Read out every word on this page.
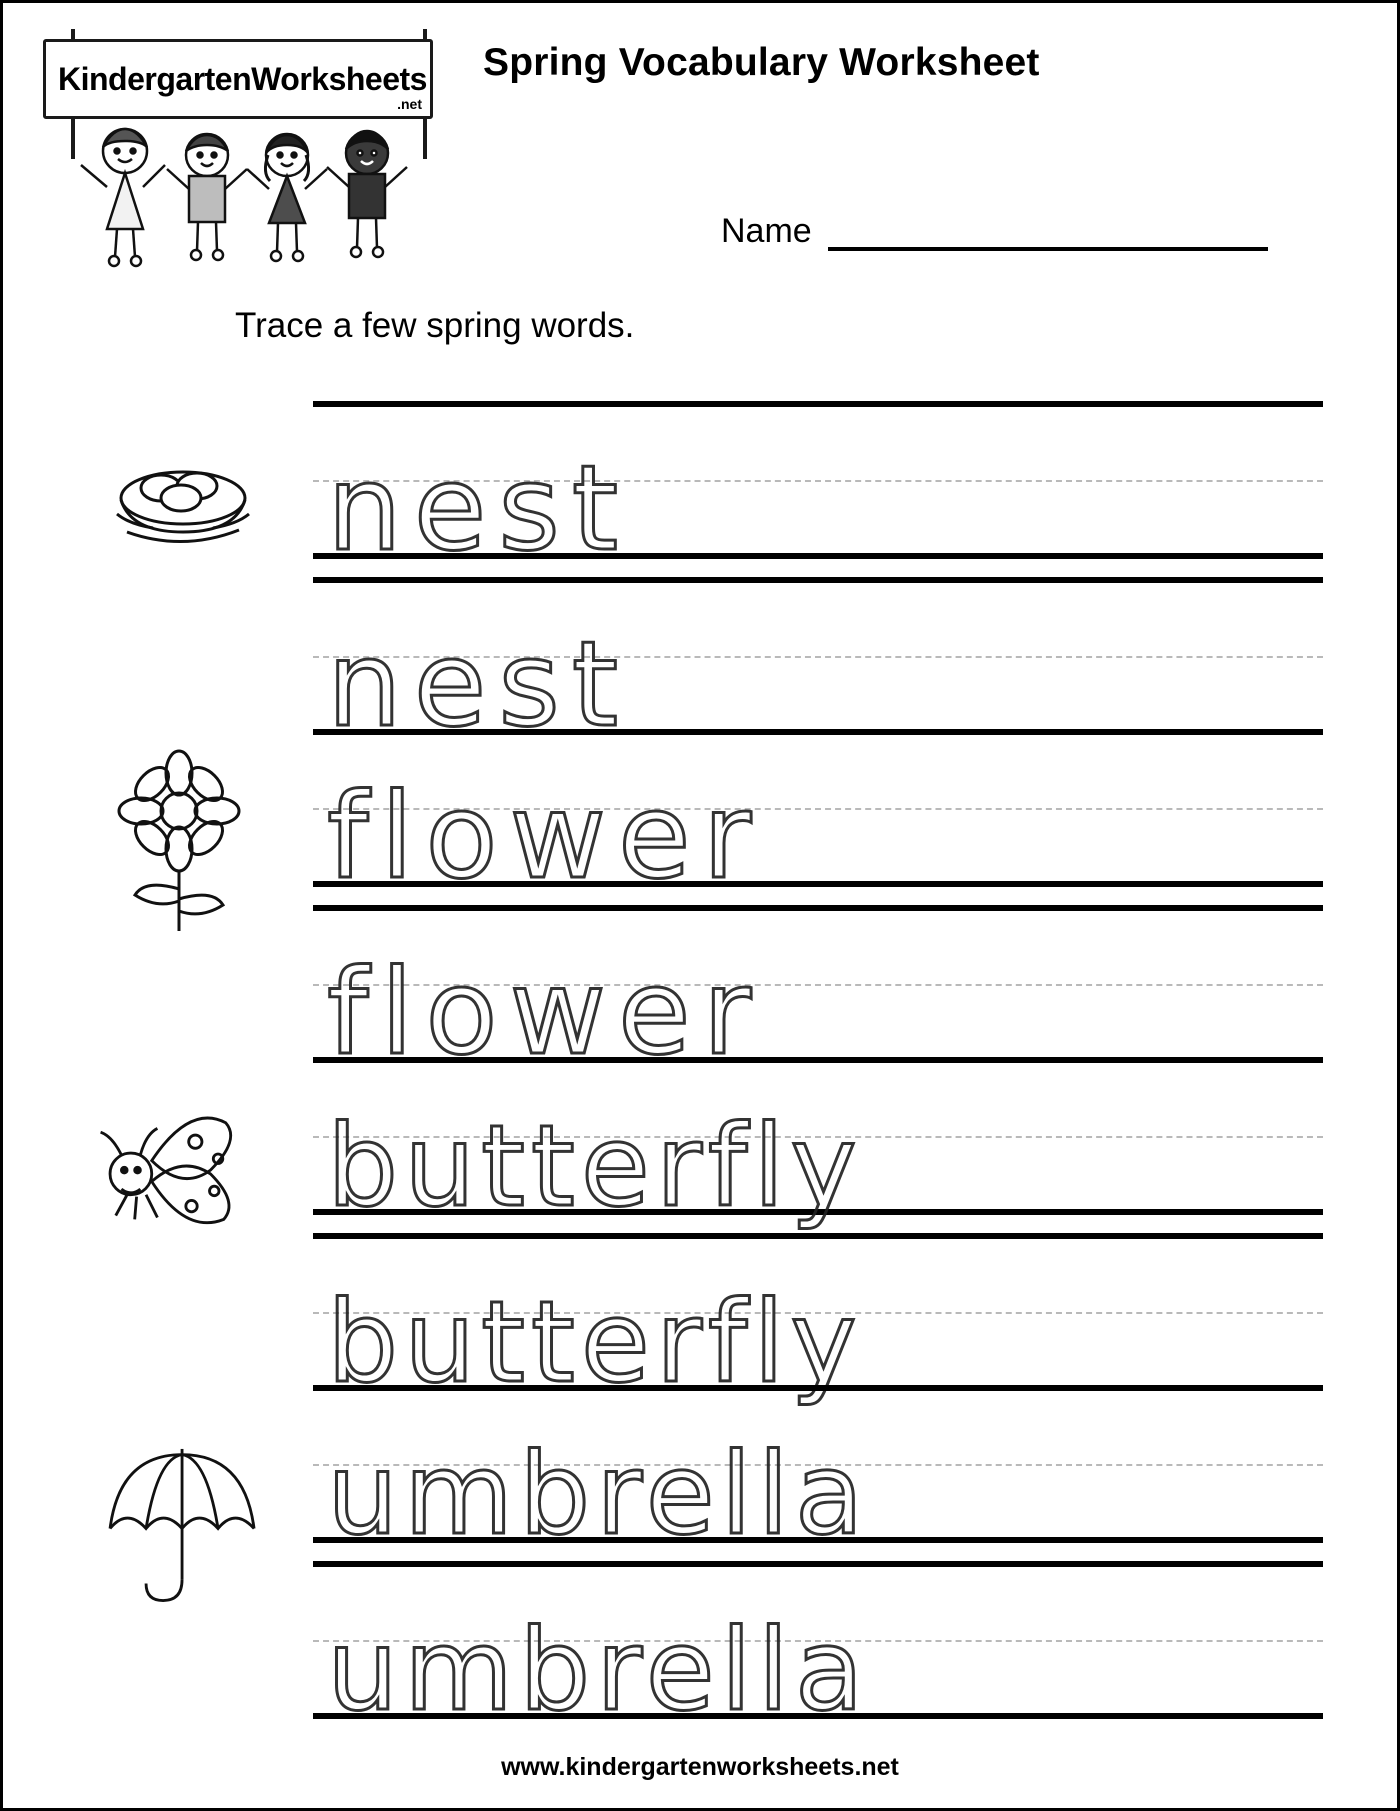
KindergartenWorksheets
.net
Spring Vocabulary Worksheet
Name
Trace a few spring words.
nest
nest
flower
flower
butterfly
butterfly
umbrella
umbrella
www.kindergartenworksheets.net
